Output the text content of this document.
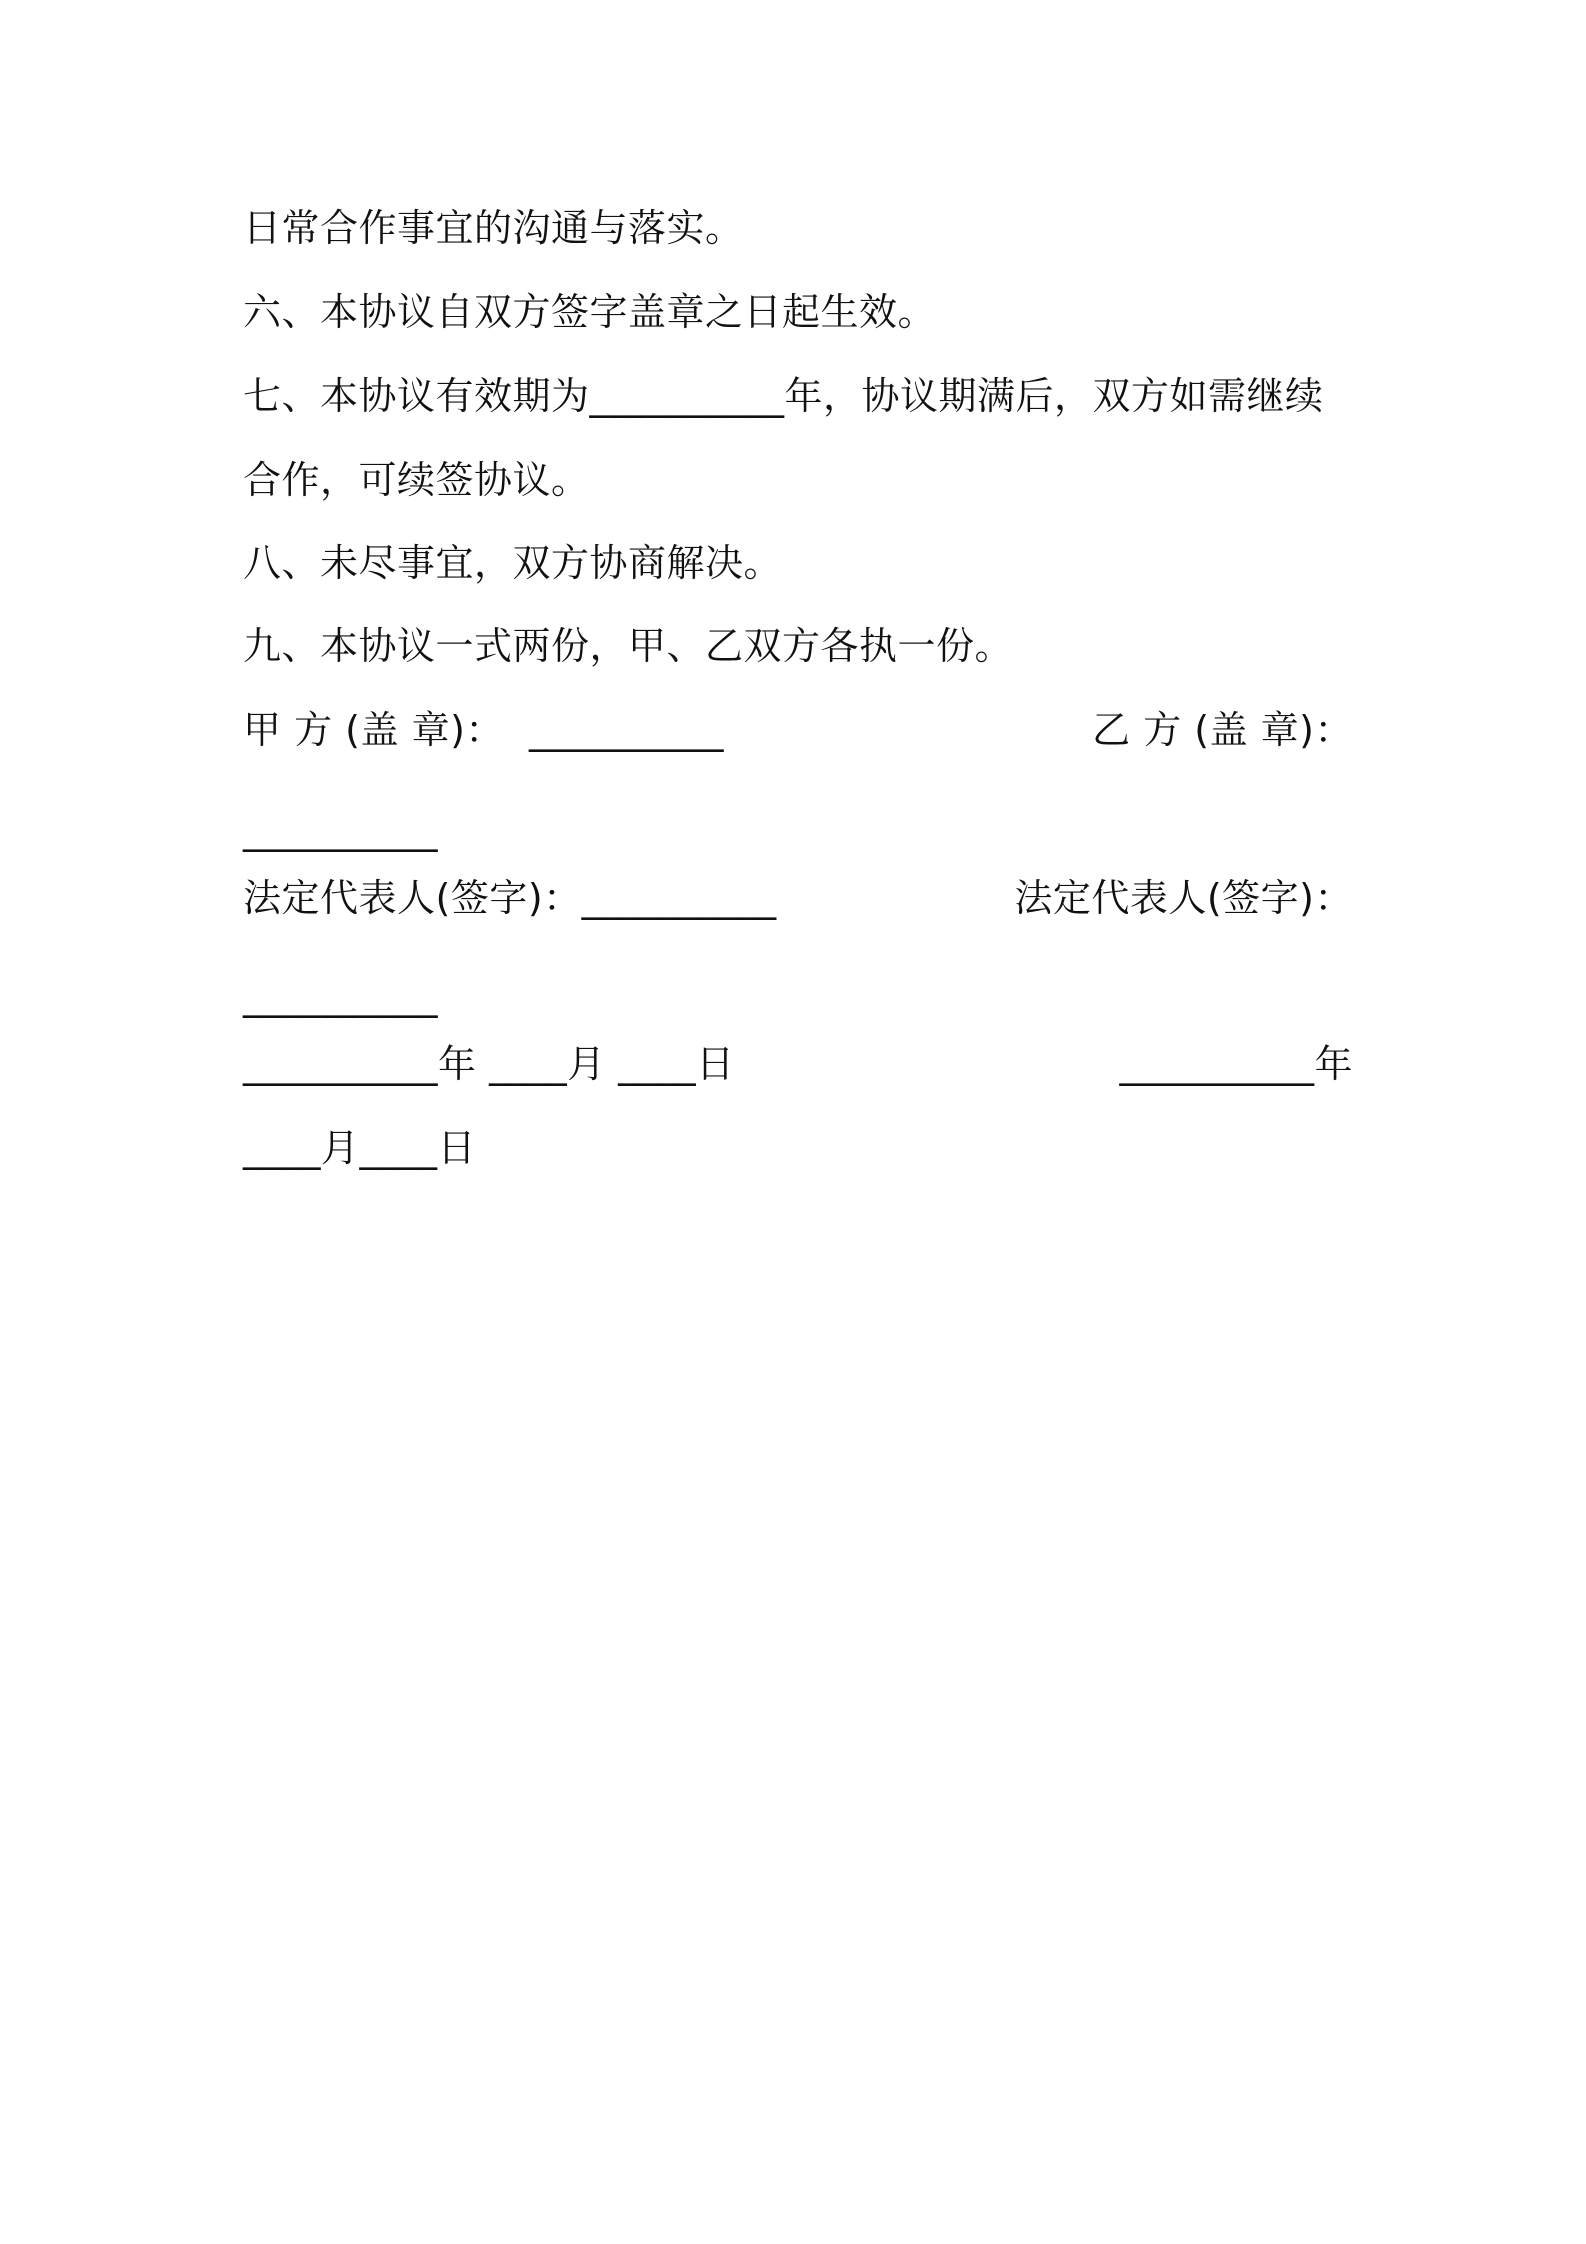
日常合作事宜的沟通与落实。
六、本协议自双方签字盖章之日起生效。
七、本协议有效期为__________年，协议期满后，双方如需继续
合作，可续签协议。
八、未尽事宜，双方协商解决。
九、本协议一式两份，甲、乙双方各执一份。
甲 方 (盖 章)：  __________	乙 方 (盖 章)：
__________
法定代表人(签字)：__________	法定代表人(签字)：
__________
__________年 ____月 ____日	__________年
____月____日
